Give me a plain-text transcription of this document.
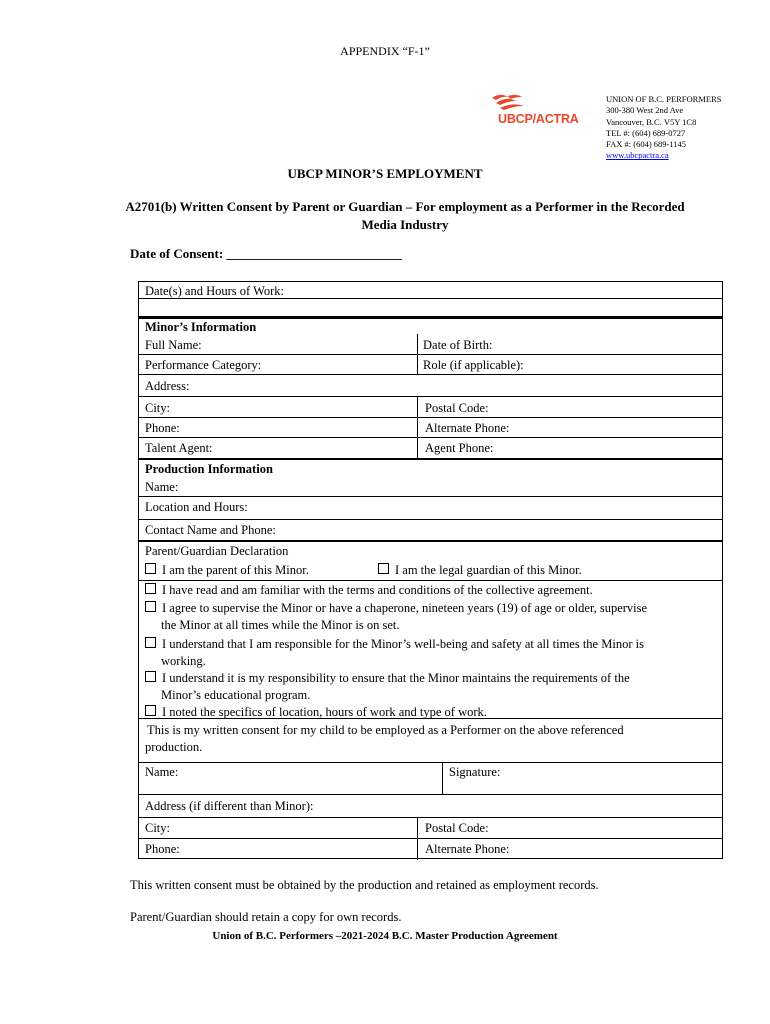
APPENDIX “F-1”
UBCP/ACTRA
UNION OF B.C. PERFORMERS
300-380 West 2nd Ave
Vancouver, B.C. V5Y 1C8
TEL #: (604) 689-0727
FAX #: (604) 689-1145
www.ubcpactra.ca
UBCP MINOR’S EMPLOYMENT
A2701(b) Written Consent by Parent or Guardian – For employment as a Performer in the Recorded Media Industry
Date of Consent: ___________________________
Date(s) and Hours of Work:
Minor’s Information
Full Name:	Date of Birth:
Performance Category:	Role (if applicable):
Address:
City:	Postal Code:
Phone:	Alternate Phone:
Talent Agent:	Agent Phone:
Production Information
Name:
Location and Hours:
Contact Name and Phone:
Parent/Guardian Declaration
I am the parent of this Minor.	I am the legal guardian of this Minor.
I have read and am familiar with the terms and conditions of the collective agreement.
I agree to supervise the Minor or have a chaperone, nineteen years (19) of age or older, supervise
the Minor at all times while the Minor is on set.
I understand that I am responsible for the Minor’s well-being and safety at all times the Minor is
working.
I understand it is my responsibility to ensure that the Minor maintains the requirements of the
Minor’s educational program.
I noted the specifics of location, hours of work and type of work.
This is my written consent for my child to be employed as a Performer on the above referenced
production.
Name:	Signature:
Address (if different than Minor):
City:	Postal Code:
Phone:	Alternate Phone:
This written consent must be obtained by the production and retained as employment records.
Parent/Guardian should retain a copy for own records.
Union of B.C. Performers –2021-2024 B.C. Master Production Agreement
